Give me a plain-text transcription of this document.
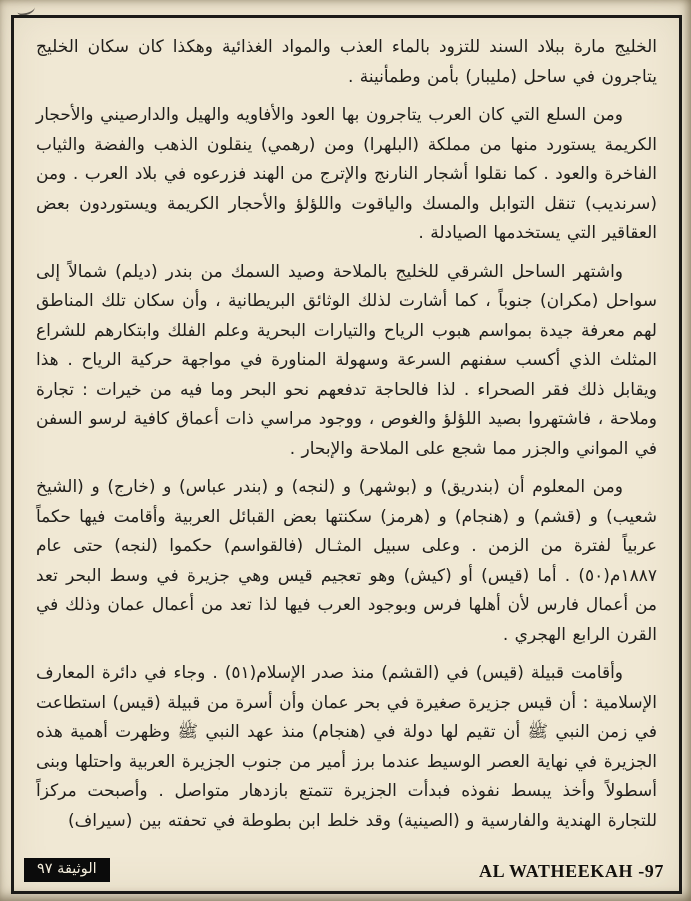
الخليج مارة ببلاد السند للتزود بالماء العذب والمواد الغذائية وهكذا كان سكان الخليج يتاجرون في ساحل (مليبار) بأمن وطمأنينة .

ومن السلع التي كان العرب يتاجرون بها العود والأفاويه والهيل والدارصيني والأحجار الكريمة يستورد منها من مملكة (البلهرا) ومن (رهمي) ينقلون الذهب والفضة والثياب الفاخرة والعود . كما نقلوا أشجار النارنج والإترج من الهند فزرعوه في بلاد العرب . ومن (سرنديب) تنقل التوابل والمسك والياقوت واللؤلؤ والأحجار الكريمة ويستوردون بعض العقاقير التي يستخدمها الصيادلة .

واشتهر الساحل الشرقي للخليج بالملاحة وصيد السمك من بندر (ديلم) شمالاً إلى سواحل (مكران) جنوباً ، كما أشارت لذلك الوثائق البريطانية ، وأن سكان تلك المناطق لهم معرفة جيدة بمواسم هبوب الرياح والتيارات البحرية وعلم الفلك وابتكارهم للشراع المثلث الذي أكسب سفنهم السرعة وسهولة المناورة في مواجهة حركية الرياح . هذا ويقابل ذلك فقر الصحراء . لذا فالحاجة تدفعهم نحو البحر وما فيه من خيرات : تجارة وملاحة ، فاشتهروا بصيد اللؤلؤ والغوص ، ووجود مراسي ذات أعماق كافية لرسو السفن في المواني والجزر مما شجع على الملاحة والإبحار .

ومن المعلوم أن (بندريق) و (بوشهر) و (لنجه) و (بندر عباس) و (خارج) و (الشيخ شعيب) و (قشم) و (هنجام) و (هرمز) سكنتها بعض القبائل العربية وأقامت فيها حكماً عربياً لفترة من الزمن . وعلى سبيل المثـال (فالقواسم) حكموا (لنجه) حتى عام ١٨٨٧م(٥٠) . أما (قيس) أو (كيش) وهو تعجيم قيس وهي جزيرة في وسط البحر تعد من أعمال فارس لأن أهلها فرس وبوجود العرب فيها لذا تعد من أعمال عمان وذلك في القرن الرابع الهجري .

وأقامت قبيلة (قيس) في (القشم) منذ صدر الإسلام(٥١) . وجاء في دائرة المعارف الإسلامية : أن قيس جزيرة صغيرة في بحر عمان وأن أسرة من قبيلة (قيس) استطاعت في زمن النبي ﷺ أن تقيم لها دولة في (هنجام) منذ عهد النبي ﷺ وظهرت أهمية هذه الجزيرة في نهاية العصر الوسيط عندما برز أمير من جنوب الجزيرة العربية واحتلها وبنى أسطولاً وأخذ يبسط نفوذه فبدأت الجزيرة تتمتع بازدهار متواصل . وأصبحت مركزاً للتجارة الهندية والفارسية و (الصينية) وقد خلط ابن بطوطة في تحفته بين (سيراف)

الوثيقة ٩٧	AL WATHEEKAH -97
